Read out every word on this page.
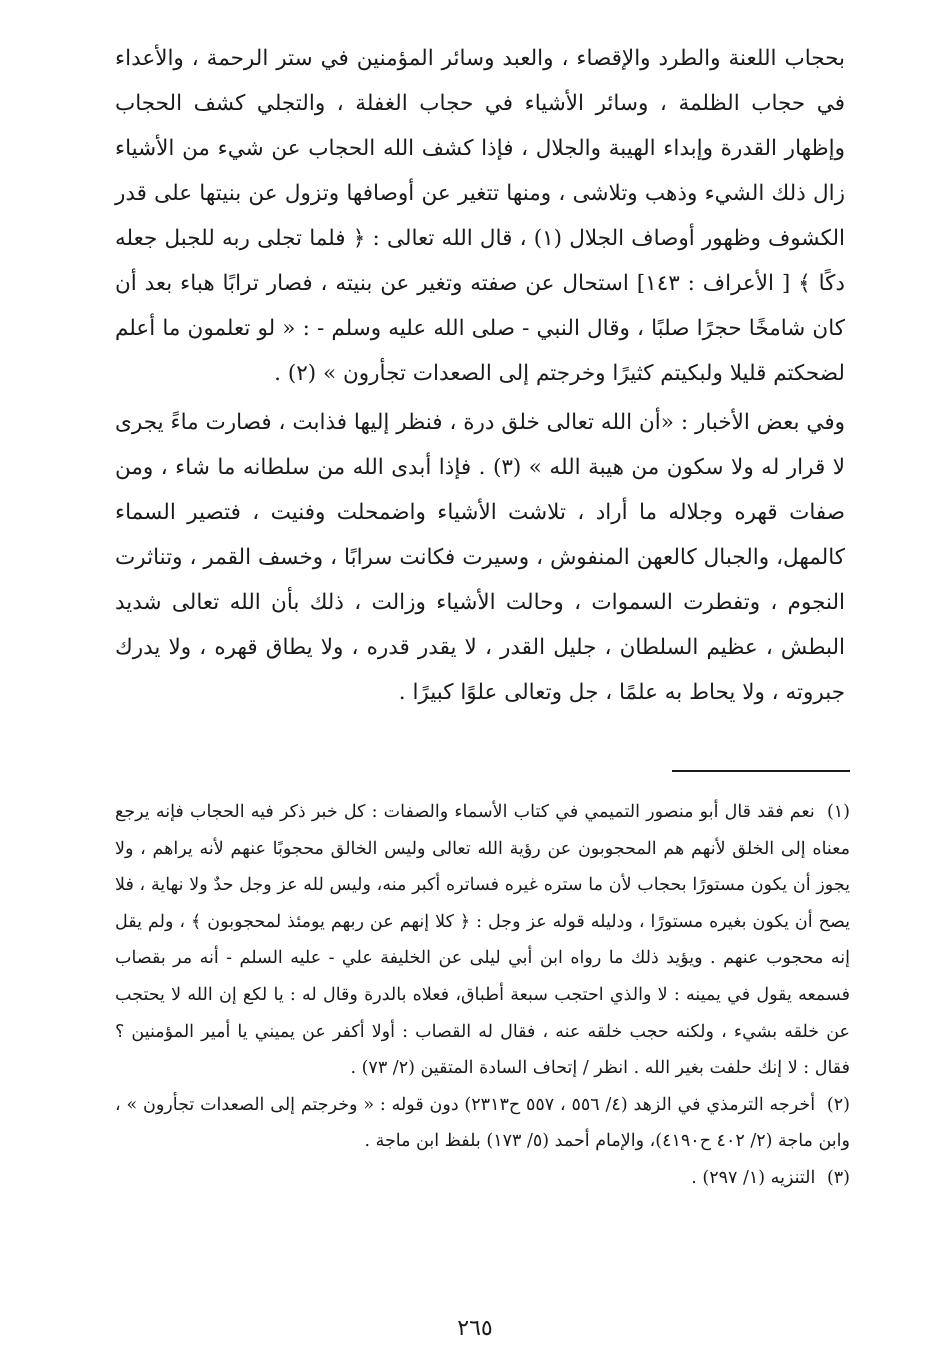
بحجاب اللعنة والطرد والإقصاء ، والعبد وسائر المؤمنين في ستر الرحمة ، والأعداء في حجاب الظلمة ، وسائر الأشياء في حجاب الغفلة ، والتجلي كشف الحجاب وإظهار القدرة وإبداء الهيبة والجلال ، فإذا كشف الله الحجاب عن شيء من الأشياء زال ذلك الشيء وذهب وتلاشى ، ومنها تتغير عن أوصافها وتزول عن بنيتها على قدر الكشوف وظهور أوصاف الجلال (١) ، قال الله تعالى : ﴿ فلما تجلى ربه للجبل جعله دكًا ﴾ [ الأعراف : ١٤٣] استحال عن صفته وتغير عن بنيته ، فصار ترابًا هباء بعد أن كان شامخًا حجرًا صلبًا ، وقال النبي - صلى الله عليه وسلم - : « لو تعلمون ما أعلم لضحكتم قليلا ولبكيتم كثيرًا وخرجتم إلى الصعدات تجأرون » (٢) .

وفي بعض الأخبار : «أن الله تعالى خلق درة ، فنظر إليها فذابت ، فصارت ماءً يجرى لا قرار له ولا سكون من هيبة الله » (٣) . فإذا أبدى الله من سلطانه ما شاء ، ومن صفات قهره وجلاله ما أراد ، تلاشت الأشياء واضمحلت وفنيت ، فتصير السماء كالمهل، والجبال كالعهن المنفوش ، وسيرت فكانت سرابًا ، وخسف القمر ، وتناثرت النجوم ، وتفطرت السموات ، وحالت الأشياء وزالت ، ذلك بأن الله تعالى شديد البطش ، عظيم السلطان ، جليل القدر ، لا يقدر قدره ، ولا يطاق قهره ، ولا يدرك جبروته ، ولا يحاط به علمًا ، جل وتعالى علوًا كبيرًا .

(١) نعم فقد قال أبو منصور التميمي في كتاب الأسماء والصفات : كل خبر ذكر فيه الحجاب فإنه يرجع معناه إلى الخلق لأنهم هم المحجوبون عن رؤية الله تعالى وليس الخالق محجوبًا عنهم لأنه يراهم ، ولا يجوز أن يكون مستورًا بحجاب لأن ما ستره غيره فساتره أكبر منه، وليس لله عز وجل حدٌ ولا نهاية ، فلا يصح أن يكون بغيره مستورًا ، ودليله قوله عز وجل : ﴿ كلا إنهم عن ربهم يومئذ لمحجوبون ﴾ ، ولم يقل إنه محجوب عنهم . ويؤيد ذلك ما رواه ابن أبي ليلى عن الخليفة علي - عليه السلم - أنه مر بقصاب فسمعه يقول في يمينه : لا والذي احتجب سبعة أطباق، فعلاه بالدرة وقال له : يا لكع إن الله لا يحتجب عن خلقه بشيء ، ولكنه حجب خلقه عنه ، فقال له القصاب : أولا أكفر عن يميني يا أمير المؤمنين ؟ فقال : لا إنك حلفت بغير الله . انظر / إتحاف السادة المتقين (٢/ ٧٣) .

(٢) أخرجه الترمذي في الزهد (٤/ ٥٥٦ ، ٥٥٧ ح٢٣١٣) دون قوله : « وخرجتم إلى الصعدات تجأرون » ، وابن ماجة (٢/ ٤٠٢ ح٤١٩٠)، والإمام أحمد (٥/ ١٧٣) بلفظ ابن ماجة .

(٣) التنزيه (١/ ٢٩٧) .

٢٦٥
